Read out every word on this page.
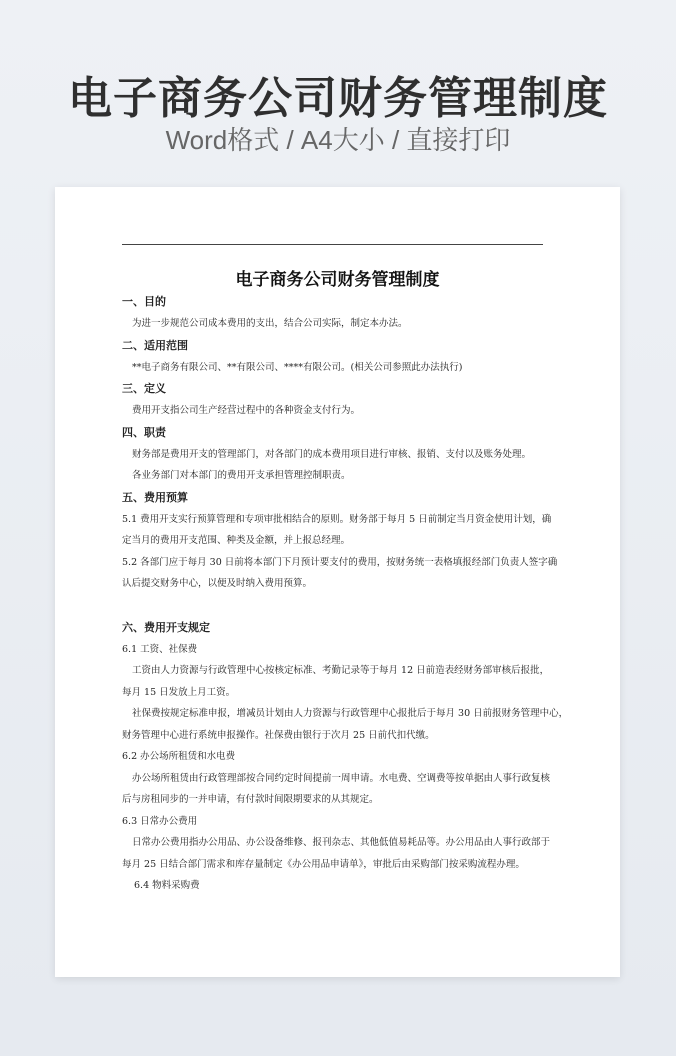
电子商务公司财务管理制度
Word格式 / A4大小 / 直接打印
电子商务公司财务管理制度
一、目的
为进一步规范公司成本费用的支出，结合公司实际，制定本办法。
二、适用范围
**电子商务有限公司、**有限公司、****有限公司。(相关公司参照此办法执行)
三、定义
费用开支指公司生产经营过程中的各种资金支付行为。
四、职责
财务部是费用开支的管理部门，对各部门的成本费用项目进行审核、报销、支付以及账务处理。
各业务部门对本部门的费用开支承担管理控制职责。
五、费用预算
5.1 费用开支实行预算管理和专项审批相结合的原则。财务部于每月 5 日前制定当月资金使用计划，确
定当月的费用开支范围、种类及金额，并上报总经理。
5.2 各部门应于每月 30 日前将本部门下月预计要支付的费用，按财务统一表格填报经部门负责人签字确
认后提交财务中心，以便及时纳入费用预算。
六、费用开支规定
6.1 工资、社保费
工资由人力资源与行政管理中心按核定标准、考勤记录等于每月 12 日前造表经财务部审核后报批，
每月 15 日发放上月工资。
社保费按规定标准申报，增减员计划由人力资源与行政管理中心报批后于每月 30 日前报财务管理中心，
财务管理中心进行系统申报操作。社保费由银行于次月 25 日前代扣代缴。
6.2 办公场所租赁和水电费
办公场所租赁由行政管理部按合同约定时间提前一周申请。水电费、空调费等按单据由人事行政复核
后与房租同步的一并申请，有付款时间限期要求的从其规定。
6.3 日常办公费用
日常办公费用指办公用品、办公设备维修、报刊杂志、其他低值易耗品等。办公用品由人事行政部于
每月 25 日结合部门需求和库存量制定《办公用品申请单》，审批后由采购部门按采购流程办理。
6.4 物料采购费
